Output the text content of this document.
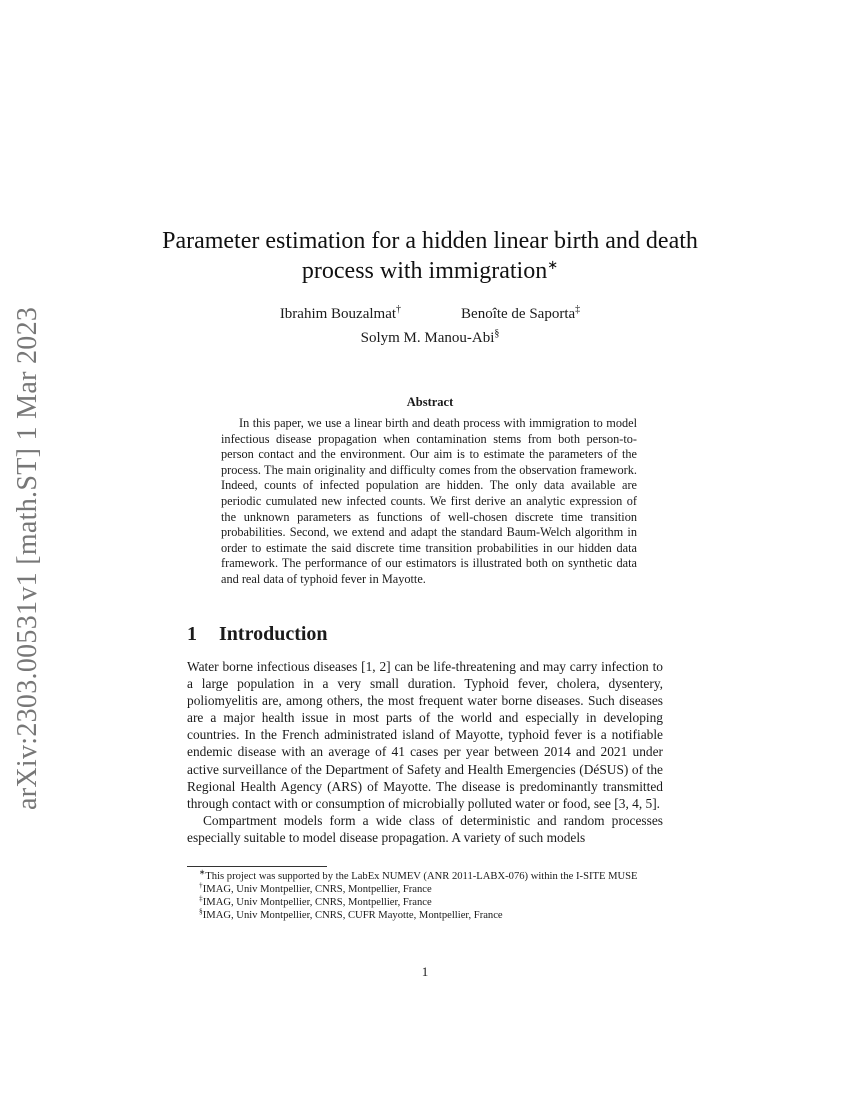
arXiv:2303.00531v1 [math.ST] 1 Mar 2023
Parameter estimation for a hidden linear birth and death process with immigration∗
Ibrahim Bouzalmat†	Benoîte de Saporta‡
Solym M. Manou-Abi§
Abstract
In this paper, we use a linear birth and death process with immigration to model infectious disease propagation when contamination stems from both person-to-person contact and the environment. Our aim is to estimate the parameters of the process. The main originality and difficulty comes from the observation framework. Indeed, counts of infected population are hidden. The only data available are periodic cumulated new infected counts. We first derive an analytic expression of the unknown parameters as functions of well-chosen discrete time transition probabilities. Second, we extend and adapt the standard Baum-Welch algorithm in order to estimate the said discrete time transition probabilities in our hidden data framework. The performance of our estimators is illustrated both on synthetic data and real data of typhoid fever in Mayotte.
1 Introduction

Water borne infectious diseases [1, 2] can be life-threatening and may carry infection to a large population in a very small duration. Typhoid fever, cholera, dysentery, poliomyelitis are, among others, the most frequent water borne diseases. Such diseases are a major health issue in most parts of the world and especially in developing countries. In the French administrated island of Mayotte, typhoid fever is a notifiable endemic disease with an average of 41 cases per year between 2014 and 2021 under active surveillance of the Department of Safety and Health Emergencies (DéSUS) of the Regional Health Agency (ARS) of Mayotte. The disease is predominantly transmitted through contact with or consumption of microbially polluted water or food, see [3, 4, 5].

Compartment models form a wide class of deterministic and random processes especially suitable to model disease propagation. A variety of such models

∗This project was supported by the LabEx NUMEV (ANR 2011-LABX-076) within the I-SITE MUSE
†IMAG, Univ Montpellier, CNRS, Montpellier, France
‡IMAG, Univ Montpellier, CNRS, Montpellier, France
§IMAG, Univ Montpellier, CNRS, CUFR Mayotte, Montpellier, France
1
